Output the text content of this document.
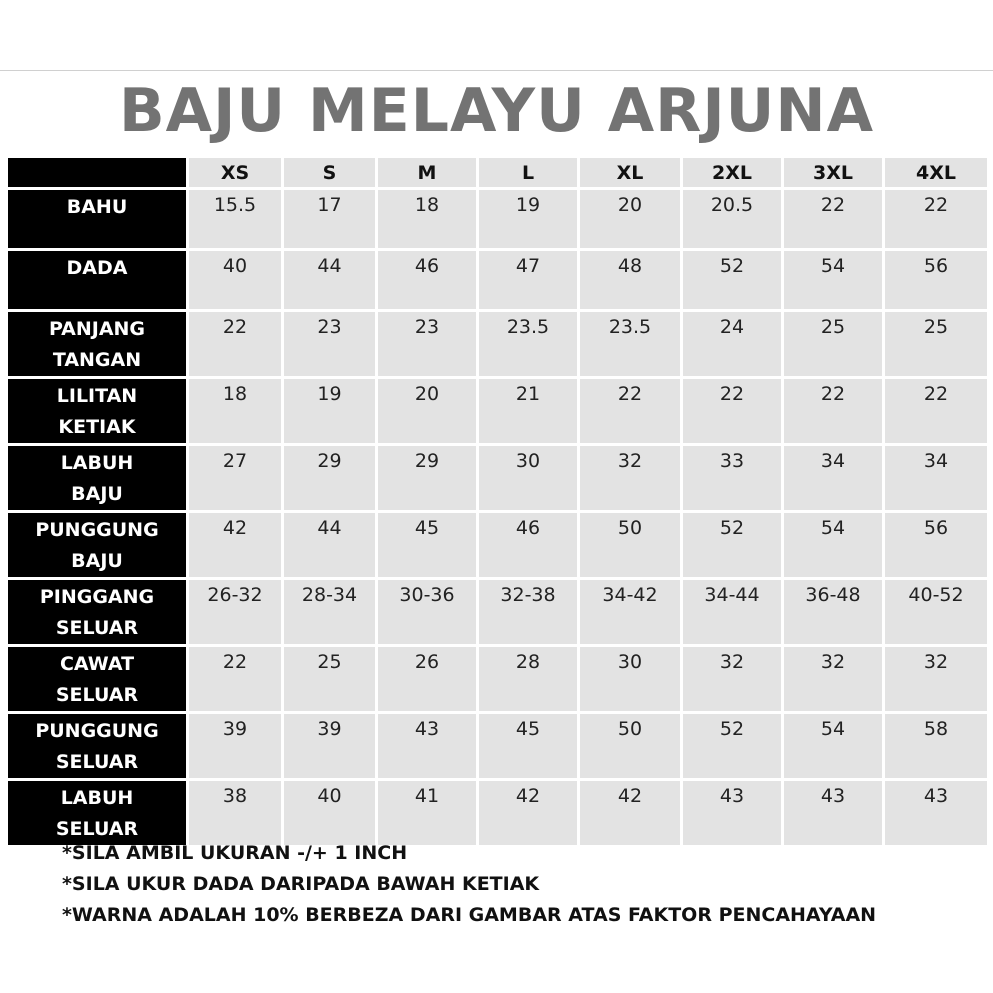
BAJU MELAYU ARJUNA
	XS	S	M	L	XL	2XL	3XL	4XL

BAHU	15.5	17	18	19	20	20.5	22	22

DADA	40	44	46	47	48	52	54	56

PANJANG
TANGAN	22	23	23	23.5	23.5	24	25	25

LILITAN
KETIAK	18	19	20	21	22	22	22	22

LABUH
BAJU	27	29	29	30	32	33	34	34

PUNGGUNG
BAJU	42	44	45	46	50	52	54	56

PINGGANG
SELUAR	26-32	28-34	30-36	32-38	34-42	34-44	36-48	40-52

CAWAT
SELUAR	22	25	26	28	30	32	32	32

PUNGGUNG
SELUAR	39	39	43	45	50	52	54	58

LABUH
SELUAR	38	40	41	42	42	43	43	43
*SILA AMBIL UKURAN -/+ 1 INCH
*SILA UKUR DADA DARIPADA BAWAH KETIAK
*WARNA ADALAH 10% BERBEZA DARI GAMBAR ATAS FAKTOR PENCAHAYAAN
